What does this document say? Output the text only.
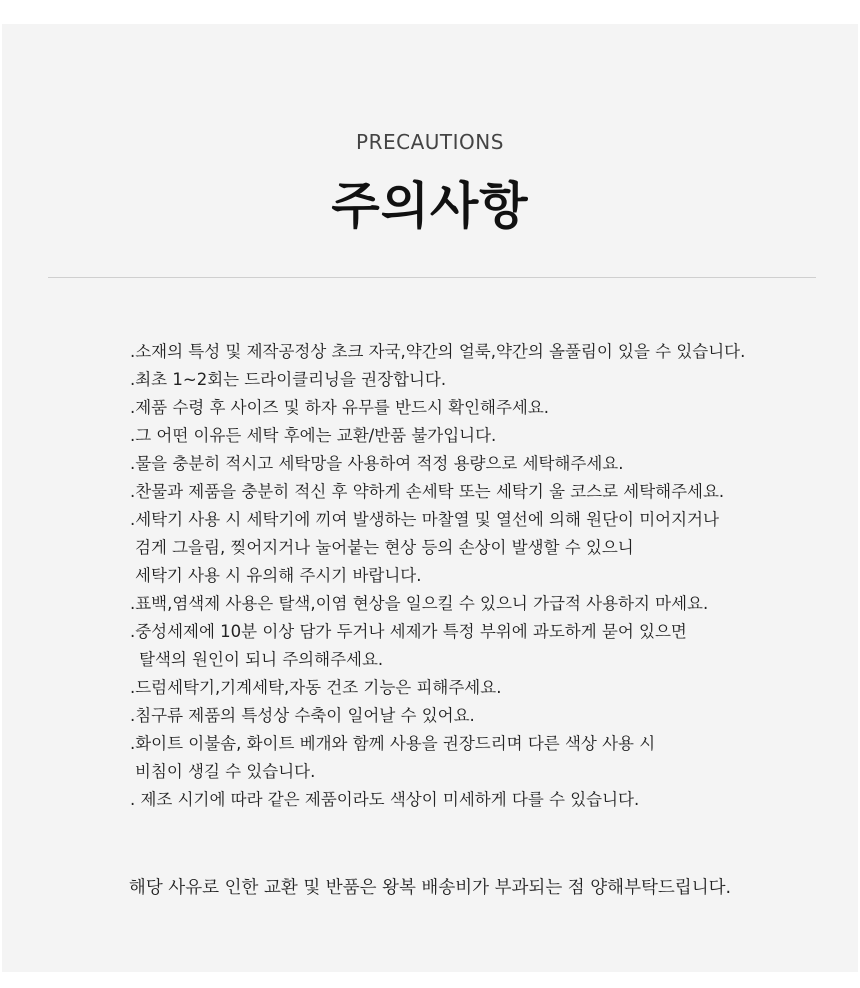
PRECAUTIONS
주의사항
.소재의 특성 및 제작공정상 초크 자국,약간의 얼룩,약간의 올풀림이 있을 수 있습니다.
.최초 1~2회는 드라이클리닝을 권장합니다.
.제품 수령 후 사이즈 및 하자 유무를 반드시 확인해주세요.
.그 어떤 이유든 세탁 후에는 교환/반품 불가입니다.
.물을 충분히 적시고 세탁망을 사용하여 적정 용량으로 세탁해주세요.
.찬물과 제품을 충분히 적신 후 약하게 손세탁 또는 세탁기 울 코스로 세탁해주세요.
.세탁기 사용 시 세탁기에 끼여 발생하는 마찰열 및 열선에 의해 원단이 미어지거나
검게 그을림, 찢어지거나 눌어붙는 현상 등의 손상이 발생할 수 있으니
세탁기 사용 시 유의해 주시기 바랍니다.
.표백,염색제 사용은 탈색,이염 현상을 일으킬 수 있으니 가급적 사용하지 마세요.
.중성세제에 10분 이상 담가 두거나 세제가 특정 부위에 과도하게 묻어 있으면
탈색의 원인이 되니 주의해주세요.
.드럼세탁기,기계세탁,자동 건조 기능은 피해주세요.
.침구류 제품의 특성상 수축이 일어날 수 있어요.
.화이트 이불솜, 화이트 베개와 함께 사용을 권장드리며 다른 색상 사용 시
비침이 생길 수 있습니다.
. 제조 시기에 따라 같은 제품이라도 색상이 미세하게 다를 수 있습니다.
해당 사유로 인한 교환 및 반품은 왕복 배송비가 부과되는 점 양해부탁드립니다.
